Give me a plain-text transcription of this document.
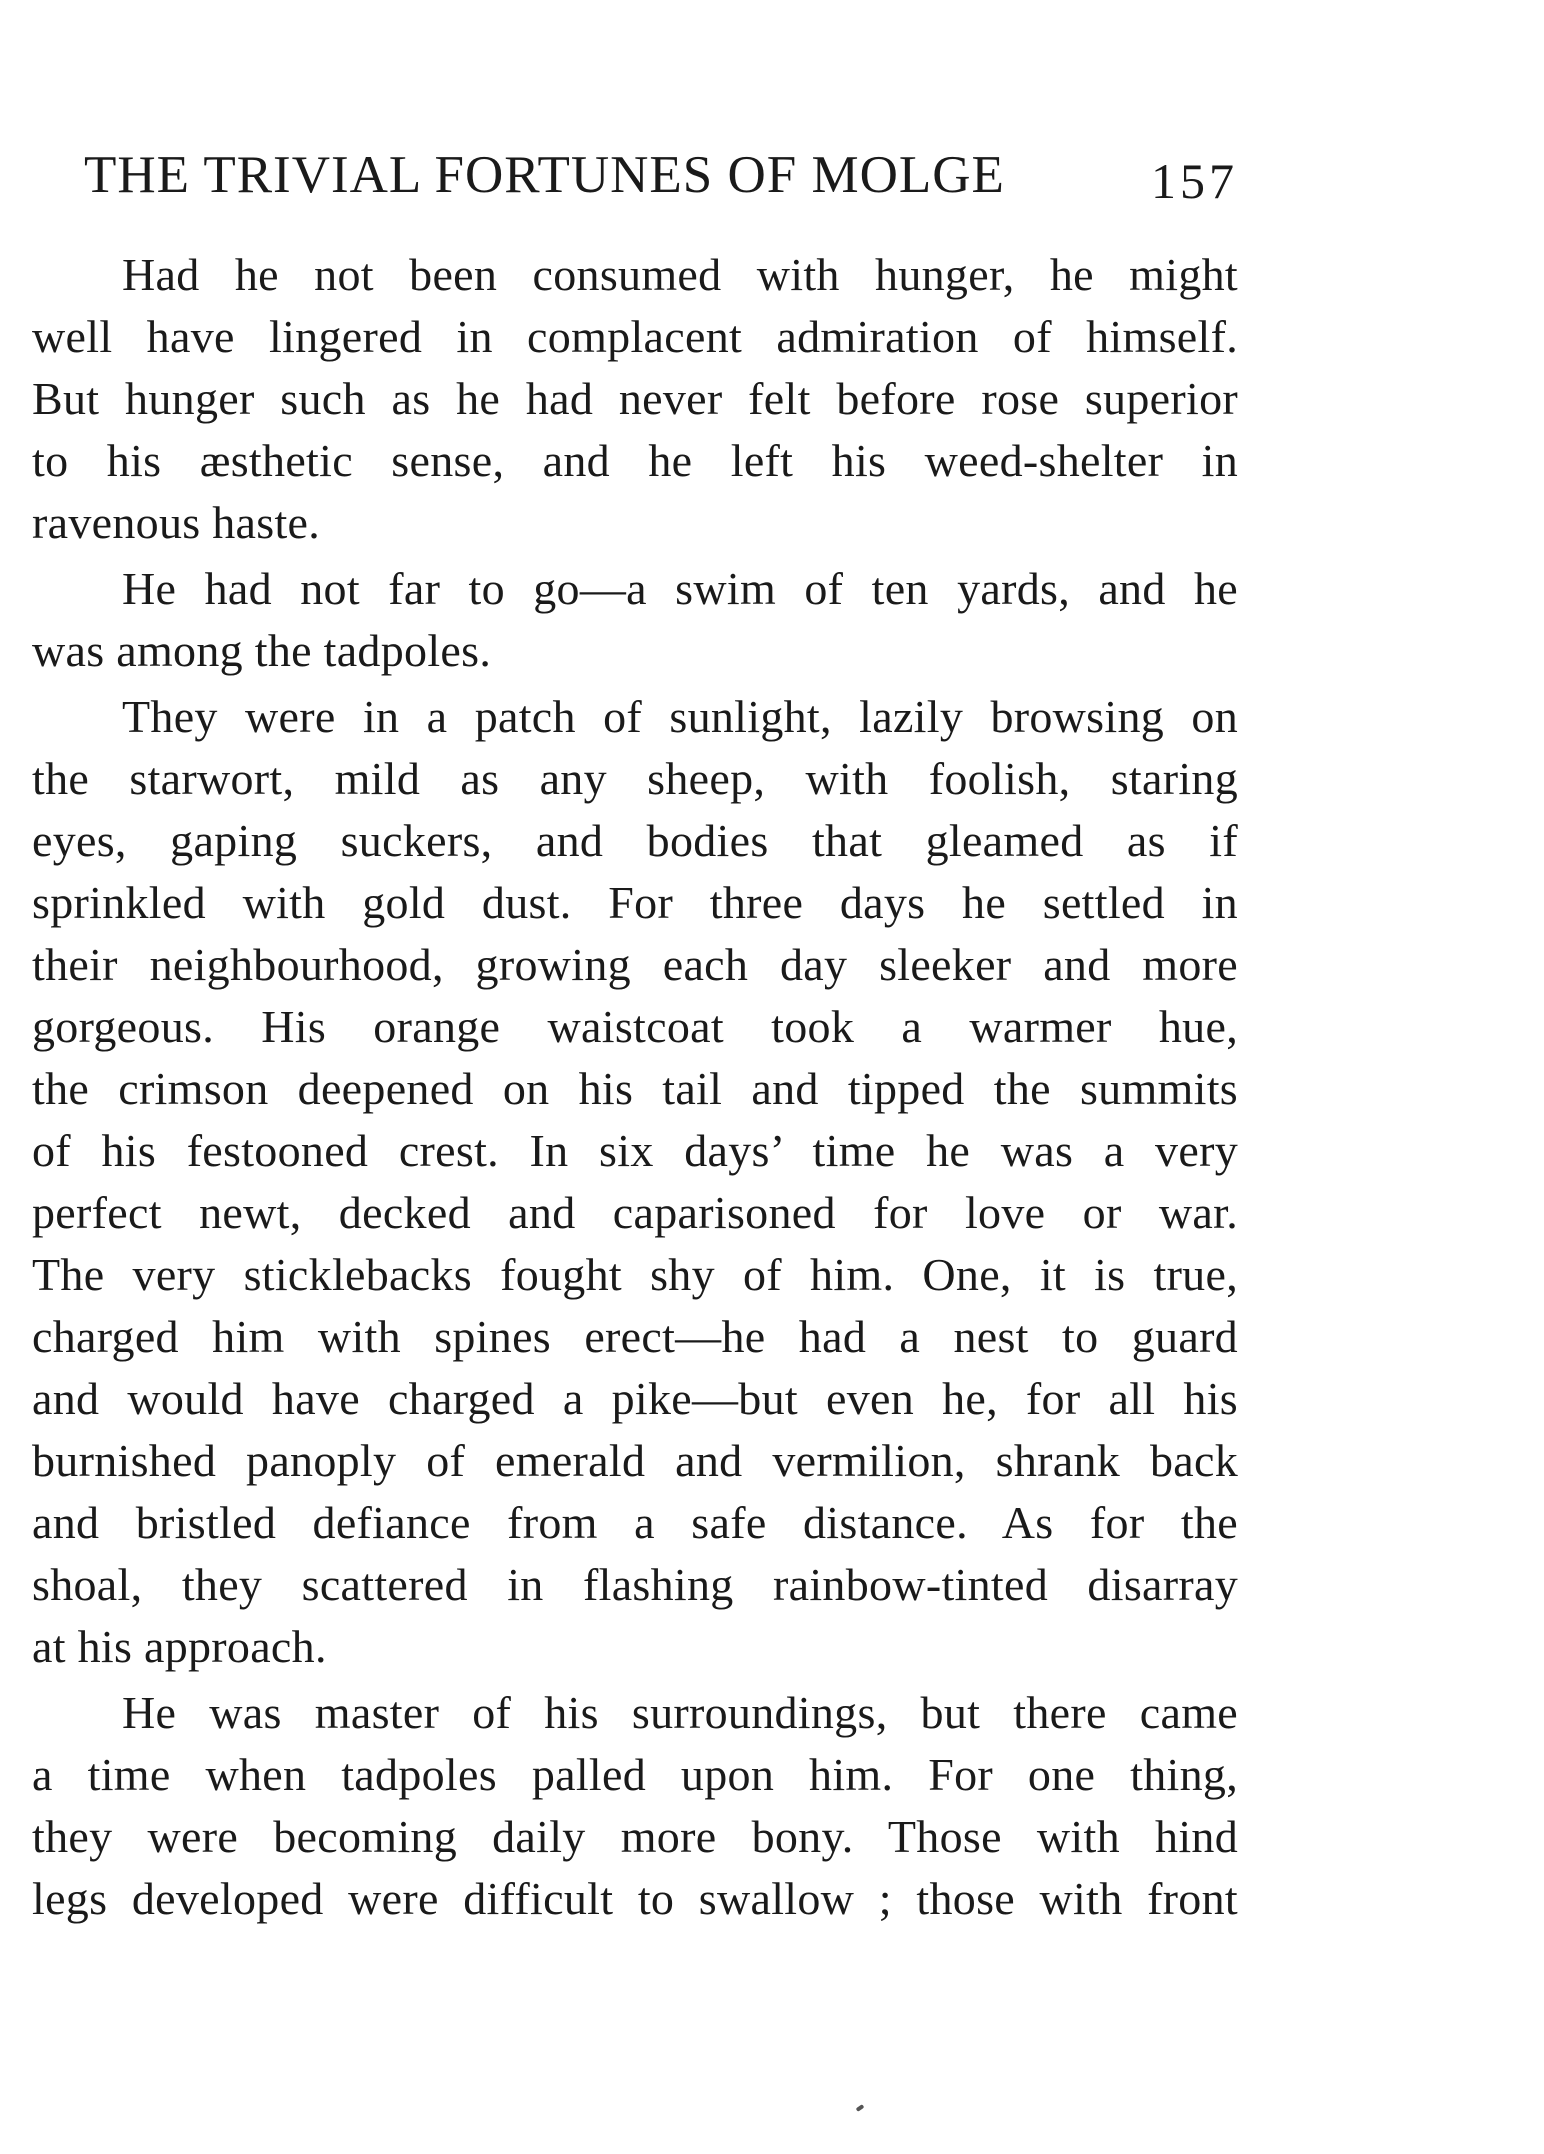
THE TRIVIAL FORTUNES OF MOLGE	157

Had he not been consumed with hunger, he might
well have lingered in complacent admiration of himself.
But hunger such as he had never felt before rose superior
to his æsthetic sense, and he left his weed-shelter in
ravenous haste.

He had not far to go—a swim of ten yards, and he
was among the tadpoles.

They were in a patch of sunlight, lazily browsing on
the starwort, mild as any sheep, with foolish, staring
eyes, gaping suckers, and bodies that gleamed as if
sprinkled with gold dust. For three days he settled in
their neighbourhood, growing each day sleeker and more
gorgeous. His orange waistcoat took a warmer hue,
the crimson deepened on his tail and tipped the summits
of his festooned crest. In six days’ time he was a very
perfect newt, decked and caparisoned for love or war.
The very sticklebacks fought shy of him. One, it is true,
charged him with spines erect—he had a nest to guard
and would have charged a pike—but even he, for all his
burnished panoply of emerald and vermilion, shrank back
and bristled defiance from a safe distance. As for the
shoal, they scattered in flashing rainbow-tinted disarray
at his approach.

He was master of his surroundings, but there came
a time when tadpoles palled upon him. For one thing,
they were becoming daily more bony. Those with hind
legs developed were difficult to swallow ; those with front
